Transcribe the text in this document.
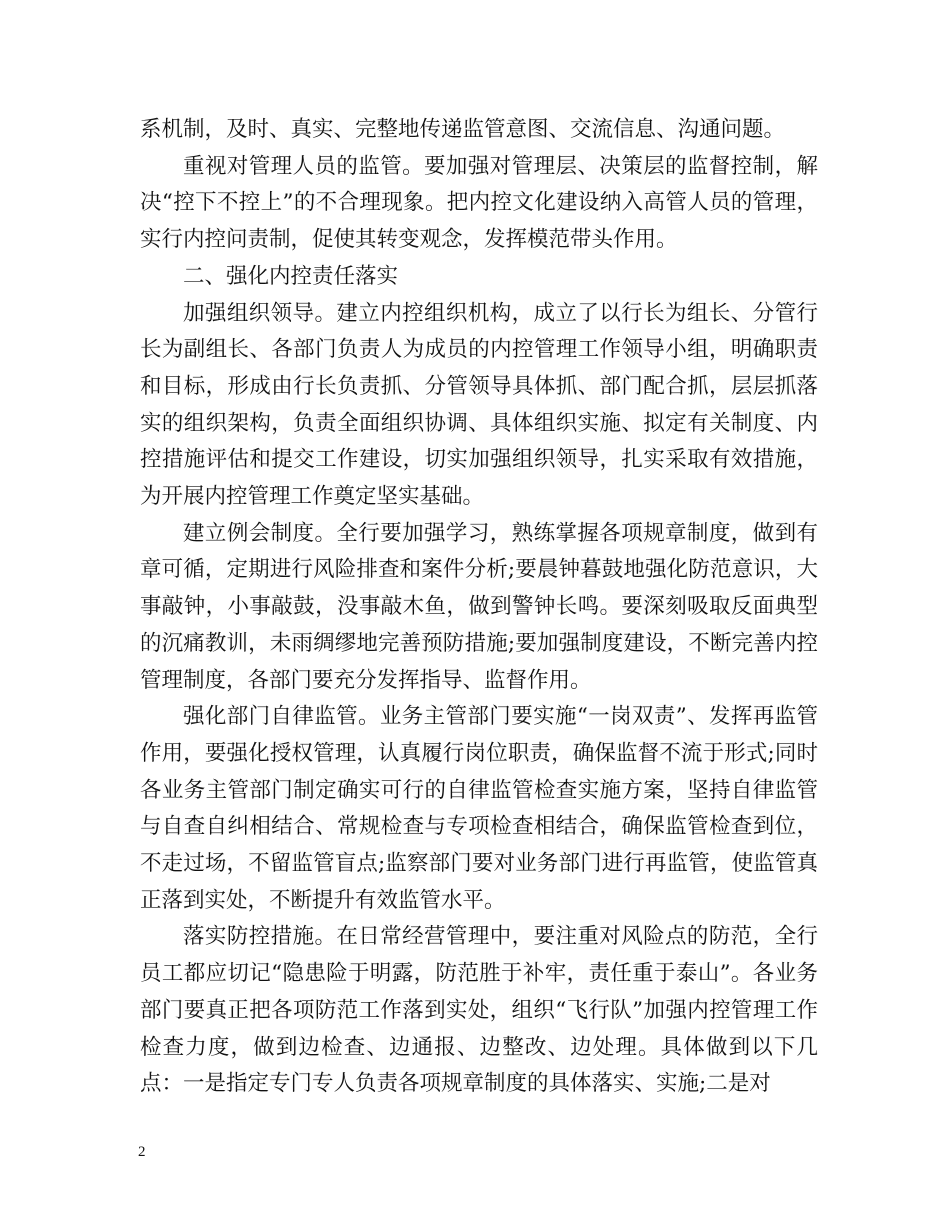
系机制，及时、真实、完整地传递监管意图、交流信息、沟通问题。

重视对管理人员的监管。要加强对管理层、决策层的监督控制，解决“控下不控上”的不合理现象。把内控文化建设纳入高管人员的管理，实行内控问责制，促使其转变观念，发挥模范带头作用。

二、强化内控责任落实

加强组织领导。建立内控组织机构，成立了以行长为组长、分管行长为副组长、各部门负责人为成员的内控管理工作领导小组，明确职责和目标，形成由行长负责抓、分管领导具体抓、部门配合抓，层层抓落实的组织架构，负责全面组织协调、具体组织实施、拟定有关制度、内控措施评估和提交工作建设，切实加强组织领导，扎实采取有效措施，为开展内控管理工作奠定坚实基础。

建立例会制度。全行要加强学习，熟练掌握各项规章制度，做到有章可循，定期进行风险排查和案件分析;要晨钟暮鼓地强化防范意识，大事敲钟，小事敲鼓，没事敲木鱼，做到警钟长鸣。要深刻吸取反面典型的沉痛教训，未雨绸缪地完善预防措施;要加强制度建设，不断完善内控管理制度，各部门要充分发挥指导、监督作用。

强化部门自律监管。业务主管部门要实施“一岗双责”、发挥再监管作用，要强化授权管理，认真履行岗位职责，确保监督不流于形式;同时各业务主管部门制定确实可行的自律监管检查实施方案，坚持自律监管与自查自纠相结合、常规检查与专项检查相结合，确保监管检查到位，不走过场，不留监管盲点;监察部门要对业务部门进行再监管，使监管真正落到实处，不断提升有效监管水平。

落实防控措施。在日常经营管理中，要注重对风险点的防范，全行员工都应切记“隐患险于明露，防范胜于补牢，责任重于泰山”。各业务部门要真正把各项防范工作落到实处，组织“飞行队”加强内控管理工作检查力度，做到边检查、边通报、边整改、边处理。具体做到以下几点：一是指定专门专人负责各项规章制度的具体落实、实施;二是对

2
